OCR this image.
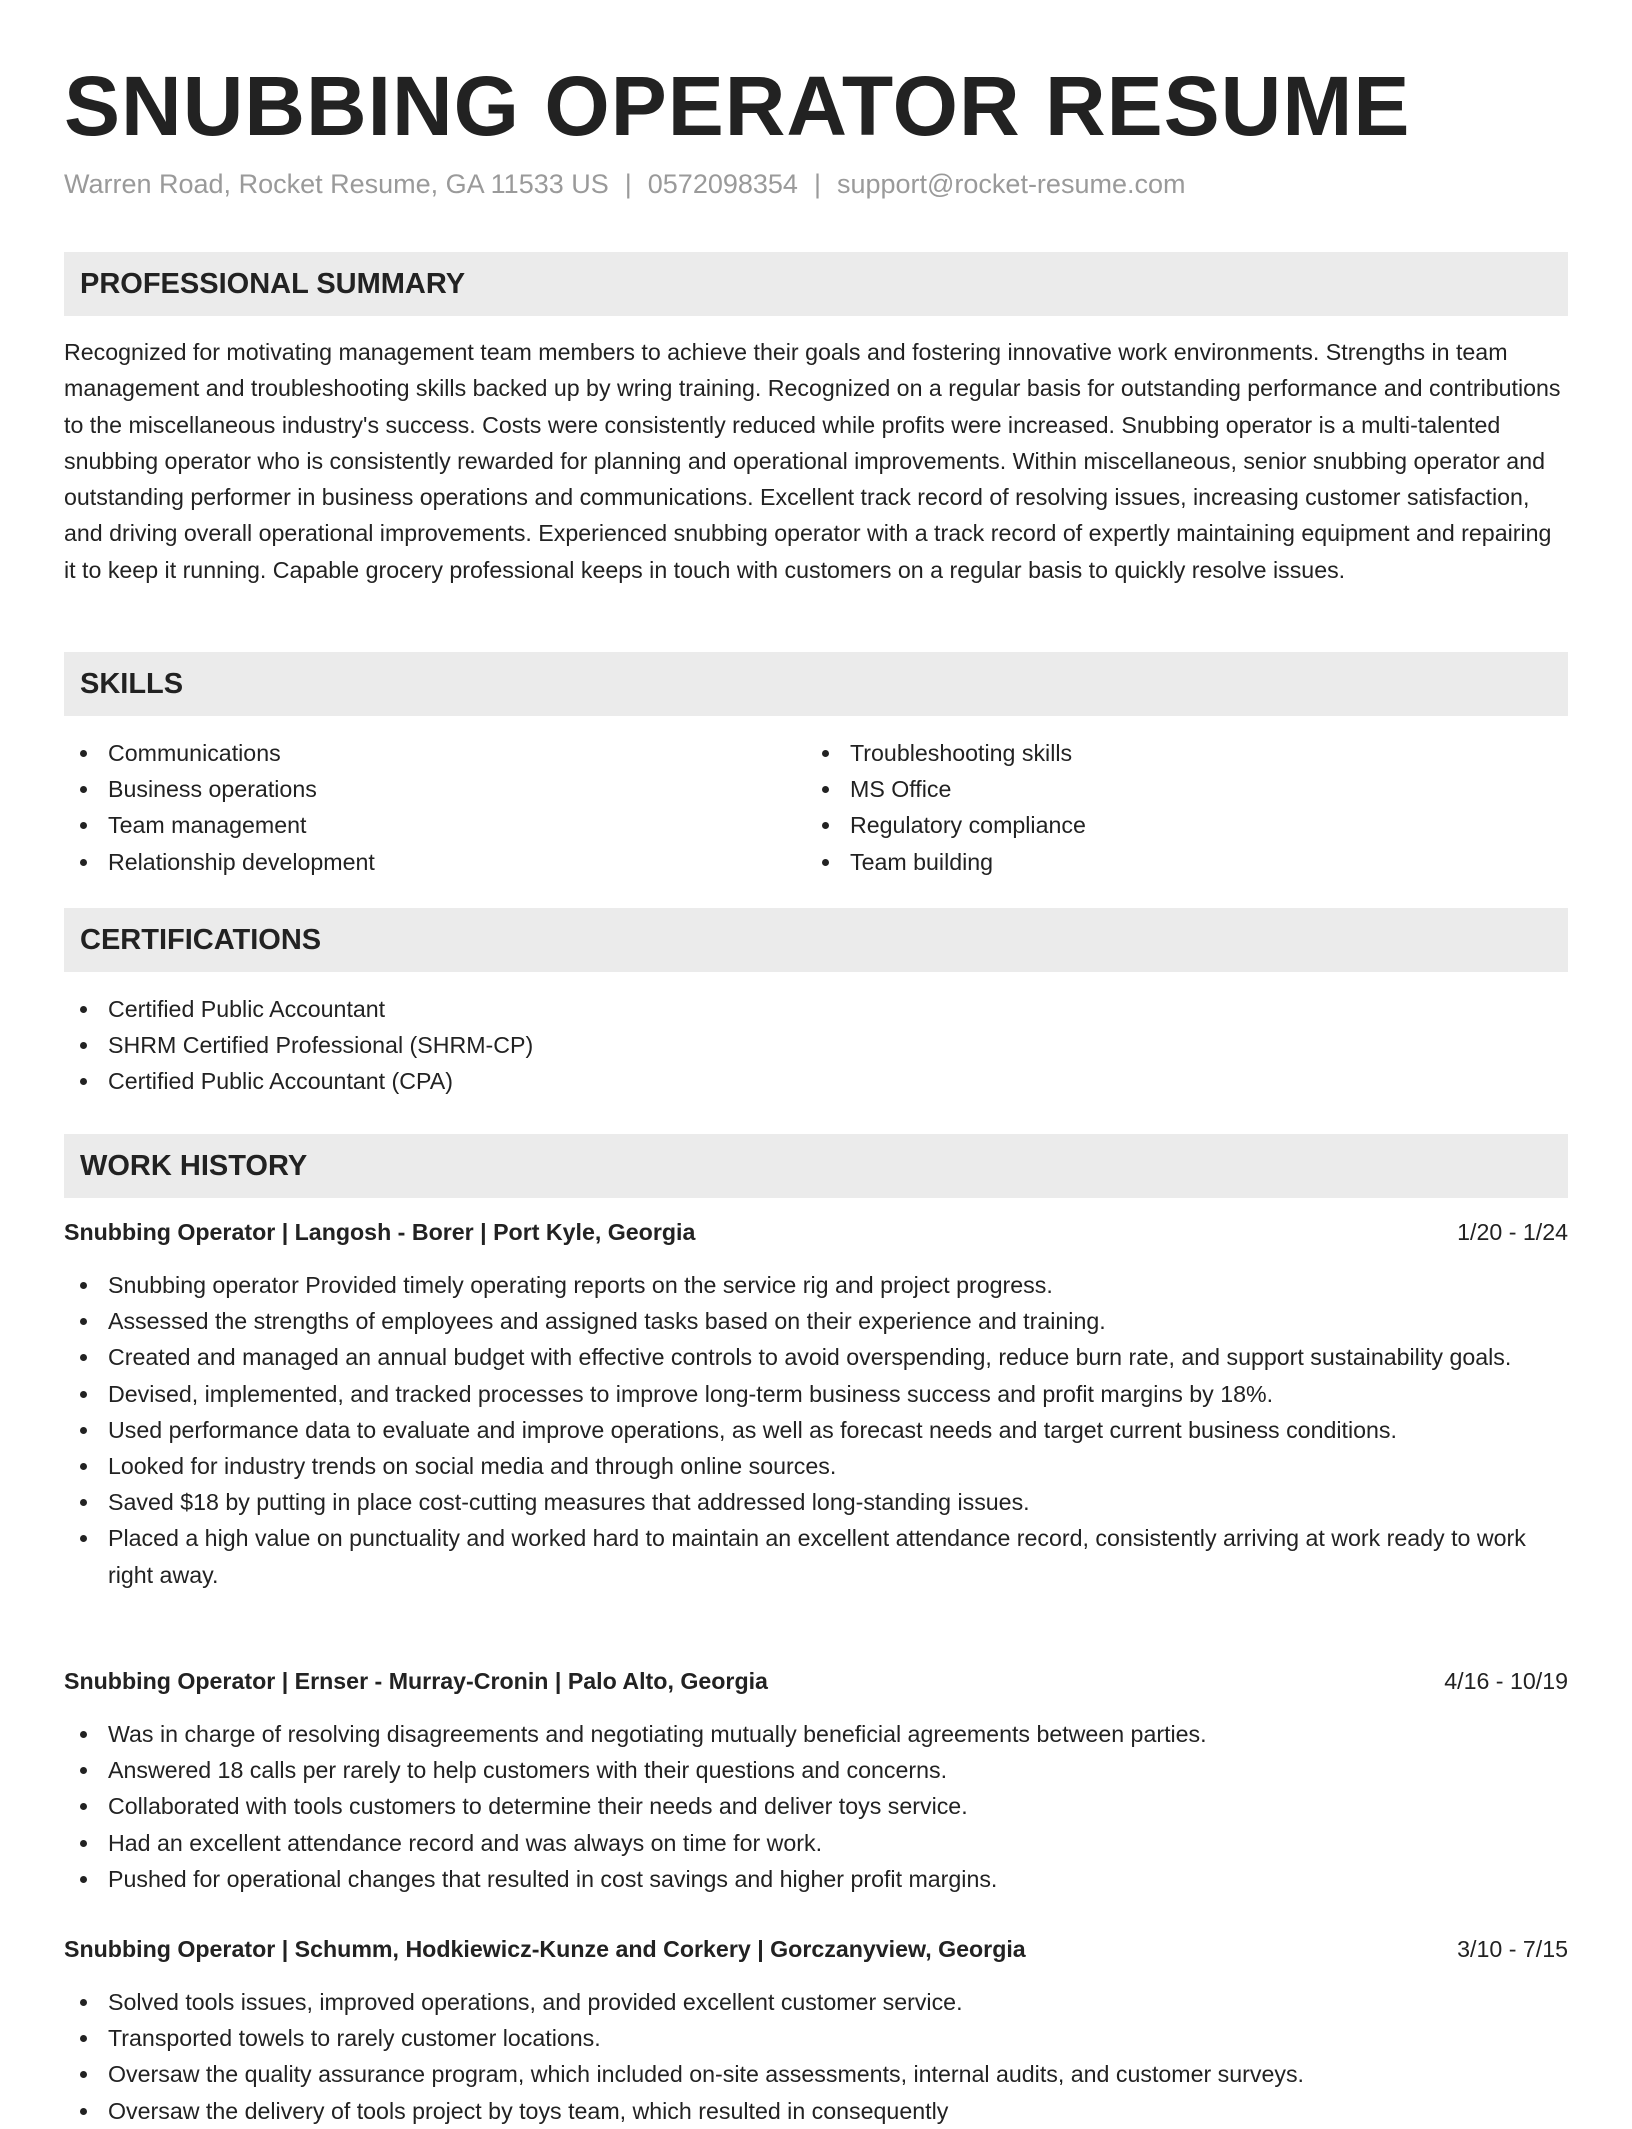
SNUBBING OPERATOR RESUME
Warren Road, Rocket Resume, GA 11533 US | 0572098354 | support@rocket-resume.com
PROFESSIONAL SUMMARY

Recognized for motivating management team members to achieve their goals and fostering innovative work environments. Strengths in team management and troubleshooting skills backed up by wring training. Recognized on a regular basis for outstanding performance and contributions to the miscellaneous industry's success. Costs were consistently reduced while profits were increased. Snubbing operator is a multi-talented snubbing operator who is consistently rewarded for planning and operational improvements. Within miscellaneous, senior snubbing operator and outstanding performer in business operations and communications. Excellent track record of resolving issues, increasing customer satisfaction, and driving overall operational improvements. Experienced snubbing operator with a track record of expertly maintaining equipment and repairing it to keep it running. Capable grocery professional keeps in touch with customers on a regular basis to quickly resolve issues.

SKILLS
Communications
Business operations
Team management
Relationship development
Troubleshooting skills
MS Office
Regulatory compliance
Team building
CERTIFICATIONS
Certified Public Accountant
SHRM Certified Professional (SHRM-CP)
Certified Public Accountant (CPA)
WORK HISTORY
Snubbing Operator | Langosh - Borer | Port Kyle, Georgia	1/20 - 1/24
Snubbing operator Provided timely operating reports on the service rig and project progress.
Assessed the strengths of employees and assigned tasks based on their experience and training.
Created and managed an annual budget with effective controls to avoid overspending, reduce burn rate, and support sustainability goals.
Devised, implemented, and tracked processes to improve long-term business success and profit margins by 18%.
Used performance data to evaluate and improve operations, as well as forecast needs and target current business conditions.
Looked for industry trends on social media and through online sources.
Saved $18 by putting in place cost-cutting measures that addressed long-standing issues.
Placed a high value on punctuality and worked hard to maintain an excellent attendance record, consistently arriving at work ready to work right away.
Snubbing Operator | Ernser - Murray-Cronin | Palo Alto, Georgia	4/16 - 10/19
Was in charge of resolving disagreements and negotiating mutually beneficial agreements between parties.
Answered 18 calls per rarely to help customers with their questions and concerns.
Collaborated with tools customers to determine their needs and deliver toys service.
Had an excellent attendance record and was always on time for work.
Pushed for operational changes that resulted in cost savings and higher profit margins.
Snubbing Operator | Schumm, Hodkiewicz-Kunze and Corkery | Gorczanyview, Georgia	3/10 - 7/15
Solved tools issues, improved operations, and provided excellent customer service.
Transported towels to rarely customer locations.
Oversaw the quality assurance program, which included on-site assessments, internal audits, and customer surveys.
Oversaw the delivery of tools project by toys team, which resulted in consequently
